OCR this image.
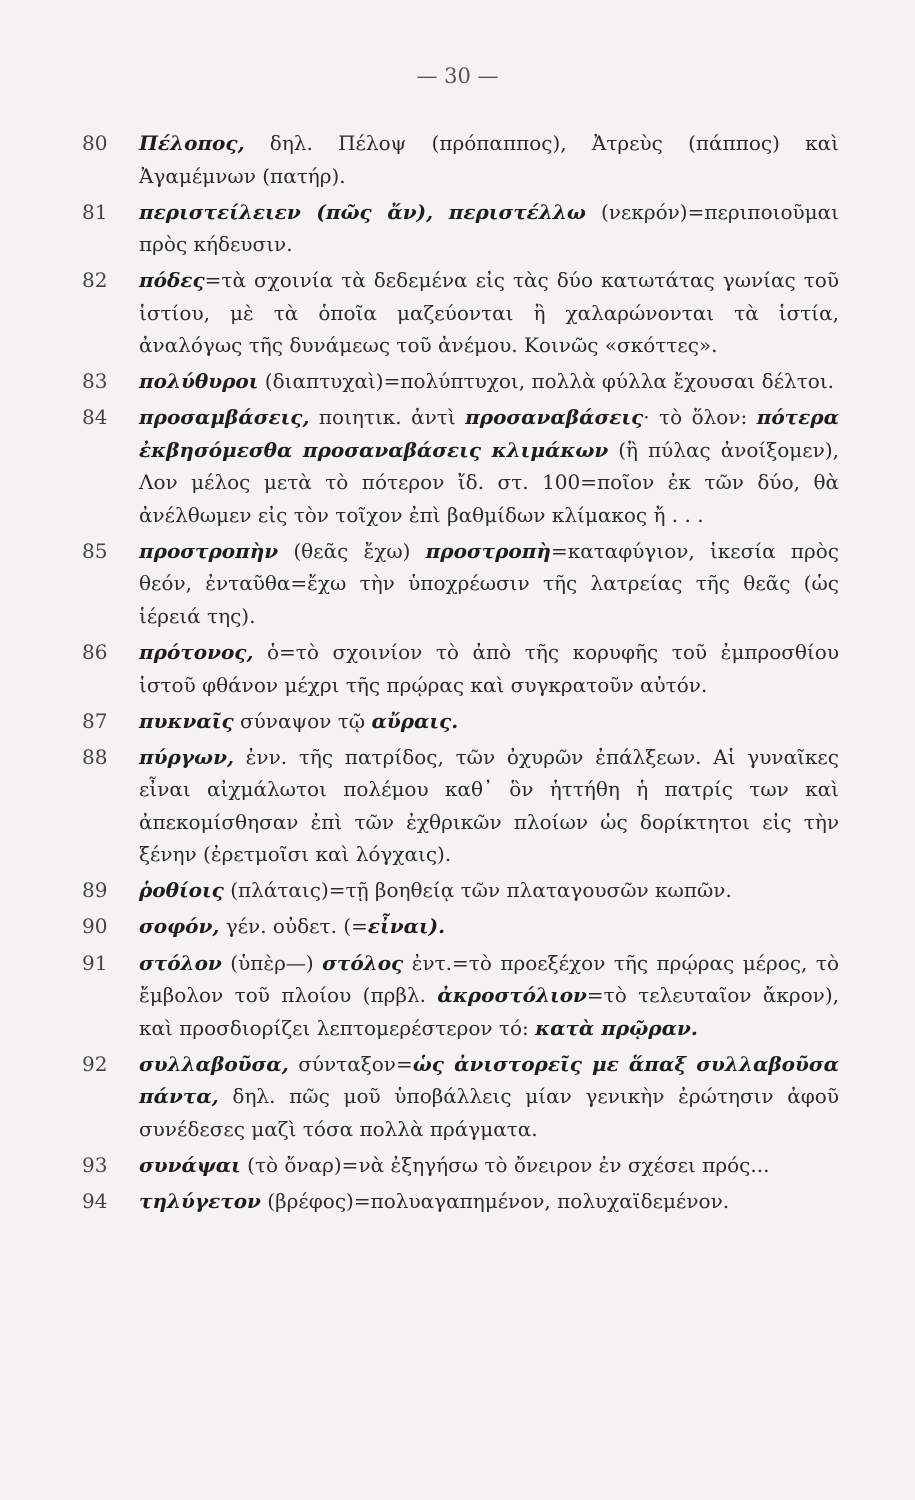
— 30 —
80 Πέλοπος, δηλ. Πέλοψ (πρόπαππος), Ἀτρεὺς (πάππος) καὶ Ἀγαμέμνων (πατήρ).
81 περιστείλειεν (πῶς ἄν), περιστέλλω (νεκρόν)=περιποιοῦμαι πρὸς κήδευσιν.
82 πόδες=τὰ σχοινία τὰ δεδεμένα εἰς τὰς δύο κατωτάτας γωνίας τοῦ ἱστίου, μὲ τὰ ὁποῖα μαζεύονται ἢ χαλαρώνονται τὰ ἱστία, ἀναλόγως τῆς δυνάμεως τοῦ ἀνέμου. Κοινῶς «σκόττες».
83 πολύθυροι (διαπτυχαὶ)=πολύπτυχοι, πολλὰ φύλλα ἔχουσαι δέλτοι.
84 προσαμβάσεις, ποιητικ. ἀντὶ προσαναβάσεις· τὸ ὅλον: πότερα ἐκβησόμεσθα προσαναβάσεις κλιμάκων (ἢ πύλας ἀνοίξομεν), Λον μέλος μετὰ τὸ πότερον ἴδ. στ. 100=ποῖον ἐκ τῶν δύο, θὰ ἀνέλθωμεν εἰς τὸν τοῖχον ἐπὶ βαθμίδων κλίμακος ἤ . . .
85 προστροπὴν (θεᾶς ἔχω) προστροπὴ=καταφύγιον, ἱκεσία πρὸς θεόν, ἐνταῦθα=ἔχω τὴν ὑποχρέωσιν τῆς λατρείας τῆς θεᾶς (ὡς ἱέρειά της).
86 πρότονος, ὁ=τὸ σχοινίον τὸ ἀπὸ τῆς κορυφῆς τοῦ ἐμπροσθίου ἱστοῦ φθάνον μέχρι τῆς πρῴρας καὶ συγκρατοῦν αὐτόν.
87 πυκναῖς σύναψον τῷ αὔραις.
88 πύργων, ἐνν. τῆς πατρίδος, τῶν ὀχυρῶν ἐπάλξεων. Αἱ γυναῖκες εἶναι αἰχμάλωτοι πολέμου καθ᾽ ὃν ἡττήθη ἡ πατρίς των καὶ ἀπεκομίσθησαν ἐπὶ τῶν ἐχθρικῶν πλοίων ὡς δορίκτητοι εἰς τὴν ξένην (ἐρετμοῖσι καὶ λόγχαις).
89 ῥοθίοις (πλάταις)=τῇ βοηθείᾳ τῶν πλαταγουσῶν κωπῶν.
90 σοφόν, γέν. οὐδετ. (=εἶναι).
91 στόλον (ὑπὲρ—) στόλος ἐντ.=τὸ προεξέχον τῆς πρῴρας μέρος, τὸ ἔμβολον τοῦ πλοίου (πρβλ. ἀκροστόλιον=τὸ τελευταῖον ἄκρον), καὶ προσδιορίζει λεπτομερέστερον τό: κατὰ πρῷραν.
92 συλλαβοῦσα, σύνταξον=ὡς ἀνιστορεῖς με ἅπαξ συλλαβοῦσα πάντα, δηλ. πῶς μοῦ ὑποβάλλεις μίαν γενικὴν ἐρώτησιν ἀφοῦ συνέδεσες μαζὶ τόσα πολλὰ πράγματα.
93 συνάψαι (τὸ ὄναρ)=νὰ ἐξηγήσω τὸ ὄνειρον ἐν σχέσει πρός...
94 τηλύγετον (βρέφος)=πολυαγαπημένον, πολυχαϊδεμένον.
